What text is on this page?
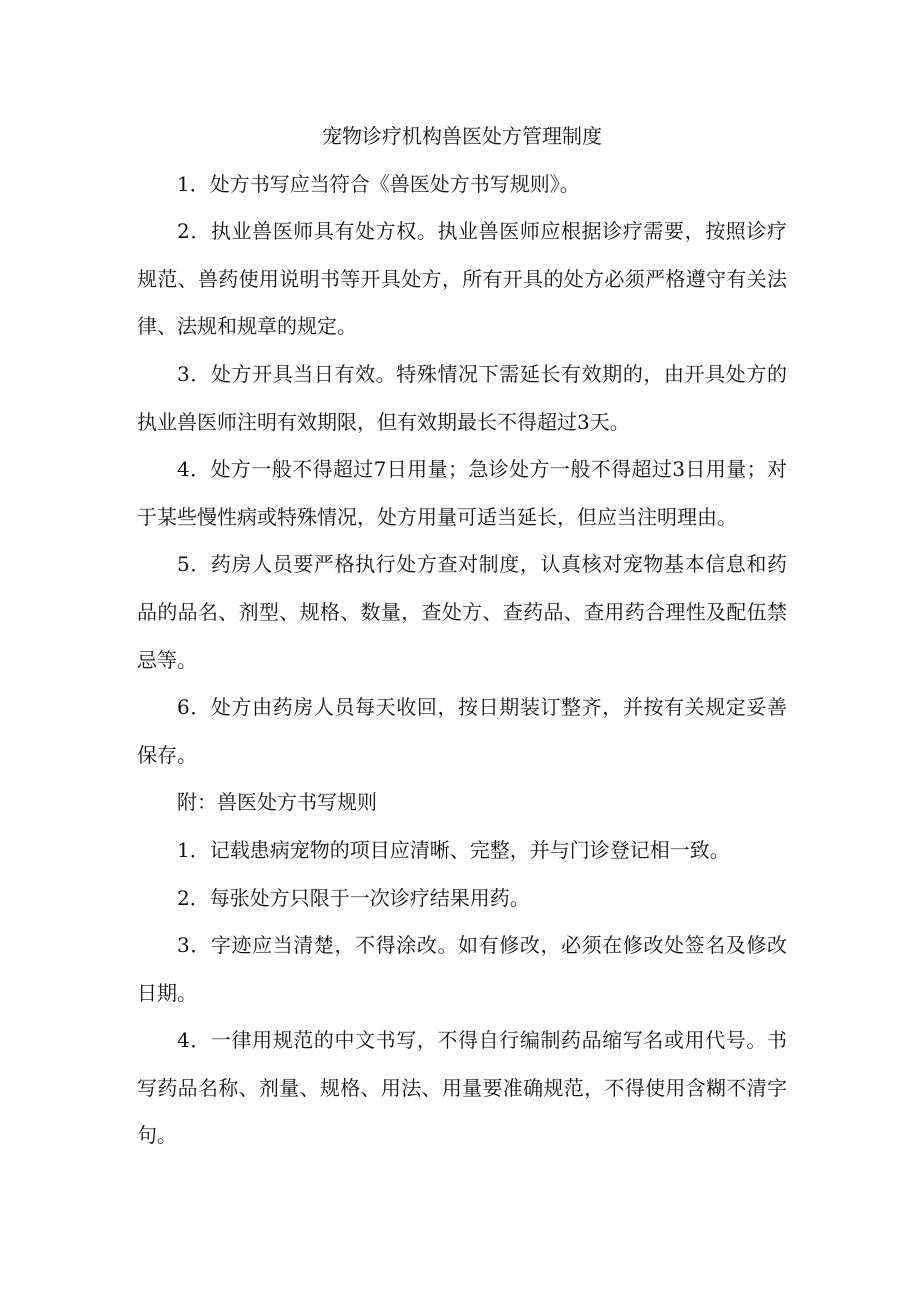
宠物诊疗机构兽医处方管理制度

1．处方书写应当符合《兽医处方书写规则》。

2．执业兽医师具有处方权。执业兽医师应根据诊疗需要，按照诊疗规范、兽药使用说明书等开具处方，所有开具的处方必须严格遵守有关法律、法规和规章的规定。

3．处方开具当日有效。特殊情况下需延长有效期的，由开具处方的执业兽医师注明有效期限，但有效期最长不得超过3天。

4．处方一般不得超过7日用量；急诊处方一般不得超过3日用量；对于某些慢性病或特殊情况，处方用量可适当延长，但应当注明理由。

5．药房人员要严格执行处方查对制度，认真核对宠物基本信息和药品的品名、剂型、规格、数量，查处方、查药品、查用药合理性及配伍禁忌等。

6．处方由药房人员每天收回，按日期装订整齐，并按有关规定妥善保存。

附：兽医处方书写规则

1．记载患病宠物的项目应清晰、完整，并与门诊登记相一致。

2．每张处方只限于一次诊疗结果用药。

3．字迹应当清楚，不得涂改。如有修改，必须在修改处签名及修改日期。

4．一律用规范的中文书写，不得自行编制药品缩写名或用代号。书写药品名称、剂量、规格、用法、用量要准确规范，不得使用含糊不清字句。
